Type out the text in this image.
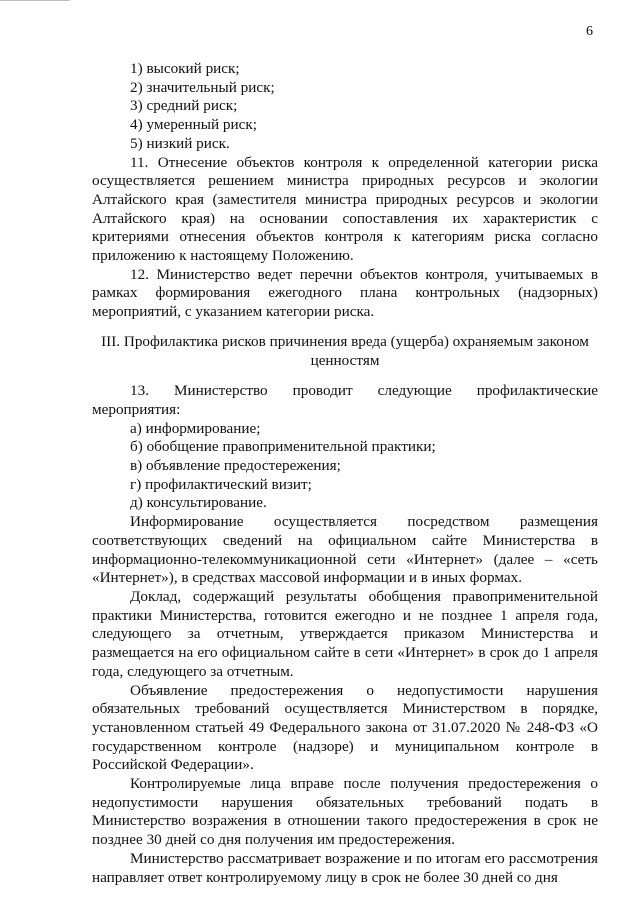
6

1) высокий риск;

2) значительный риск;

3) средний риск;

4) умеренный риск;

5) низкий риск.

11. Отнесение объектов контроля к определенной категории риска осуществляется решением министра природных ресурсов и экологии Алтайского края (заместителя министра природных ресурсов и экологии Алтайского края) на основании сопоставления их характеристик с критериями отнесения объектов контроля к категориям риска согласно приложению к настоящему Положению.

12. Министерство ведет перечни объектов контроля, учитываемых в рамках формирования ежегодного плана контрольных (надзорных) мероприятий, с указанием категории риска.

III. Профилактика рисков причинения вреда (ущерба) охраняемым законом ценностям

13. Министерство проводит следующие профилактические мероприятия:

а) информирование;

б) обобщение правоприменительной практики;

в) объявление предостережения;

г) профилактический визит;

д) консультирование.

Информирование осуществляется посредством размещения соответствующих сведений на официальном сайте Министерства в информационно-телекоммуникационной сети «Интернет» (далее – «сеть «Интернет»), в средствах массовой информации и в иных формах.

Доклад, содержащий результаты обобщения правоприменительной практики Министерства, готовится ежегодно и не позднее 1 апреля года, следующего за отчетным, утверждается приказом Министерства и размещается на его официальном сайте в сети «Интернет» в срок до 1 апреля года, следующего за отчетным.

Объявление предостережения о недопустимости нарушения обязательных требований осуществляется Министерством в порядке, установленном статьей 49 Федерального закона от 31.07.2020 № 248-ФЗ «О государственном контроле (надзоре) и муниципальном контроле в Российской Федерации».

Контролируемые лица вправе после получения предостережения о недопустимости нарушения обязательных требований подать в Министерство возражения в отношении такого предостережения в срок не позднее 30 дней со дня получения им предостережения.

Министерство рассматривает возражение и по итогам его рассмотрения направляет ответ контролируемому лицу в срок не более 30 дней со дня
